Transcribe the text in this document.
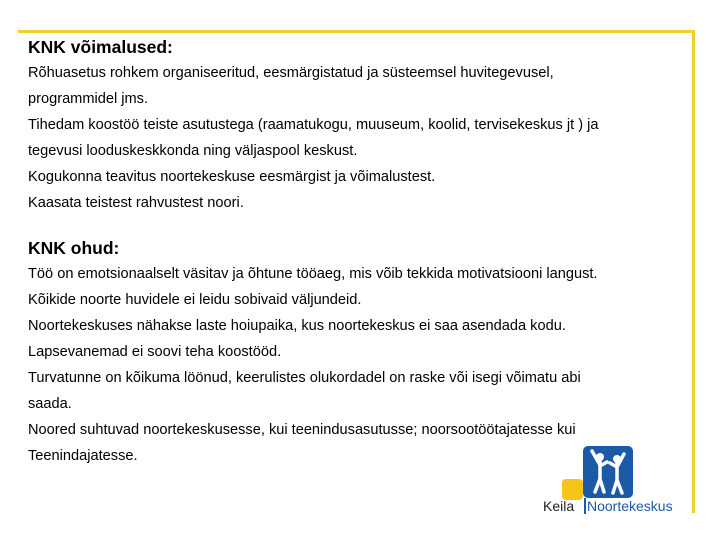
KNK võimalused:

Rõhuasetus rohkem organiseeritud, eesmärgistatud ja süsteemsel huvitegevusel,

programmidel jms.

Tihedam koostöö teiste asutustega (raamatukogu, muuseum, koolid, tervisekeskus jt ) ja

tegevusi looduskeskkonda ning väljaspool keskust.

Kogukonna teavitus noortekeskuse eesmärgist ja võimalustest.

Kaasata teistest rahvustest noori.

KNK ohud:

Töö on emotsionaalselt väsitav ja õhtune tööaeg, mis võib tekkida motivatsiooni langust.

Kõikide noorte huvidele ei leidu sobivaid väljundeid.

Noortekeskuses nähakse laste hoiupaika, kus noortekeskus ei saa asendada kodu.

Lapsevanemad ei soovi teha koostööd.

Turvatunne on kõikuma löönud, keerulistes olukordadel on raske või isegi võimatu abi

saada.

Noored suhtuvad noortekeskusesse, kui teenindusasutusse; noorsootöötajatesse kui

Teenindajatesse.

Keila Noortekeskus
